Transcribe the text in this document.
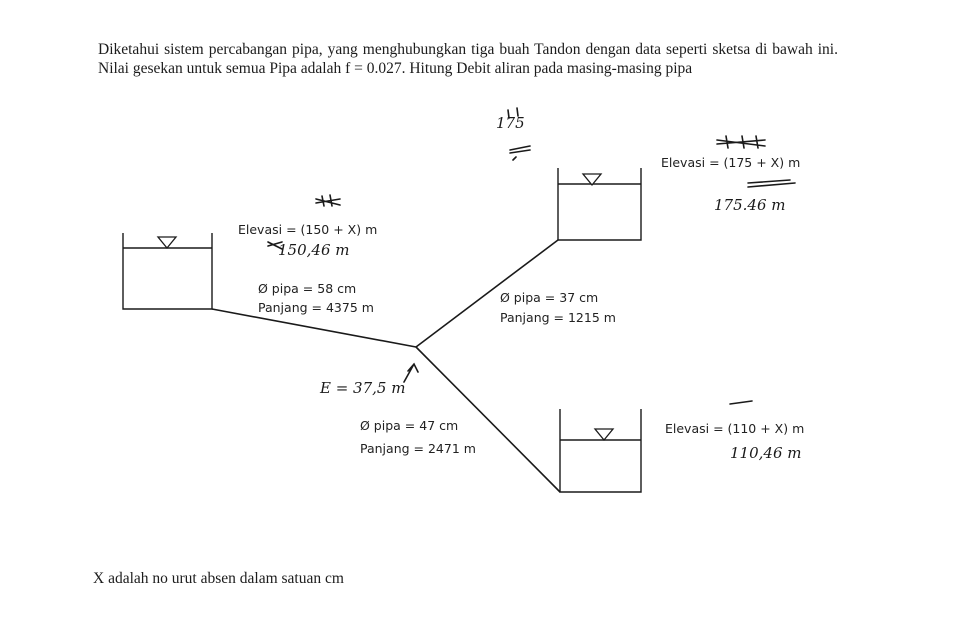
Diketahui sistem percabangan pipa, yang menghubungkan tiga buah Tandon dengan data seperti sketsa di bawah ini. Nilai gesekan untuk semua Pipa adalah f = 0.027. Hitung Debit aliran pada masing-masing pipa
Elevasi = (150 + X) m
Elevasi = (175 + X) m
Elevasi = (110 + X) m
Ø pipa = 58 cm
Panjang = 4375 m
Ø pipa = 37 cm
Panjang = 1215 m
Ø pipa = 47 cm
Panjang = 2471 m
150,46 m
175.46 m
110,46 m
E = 37,5 m
175
X adalah no urut absen dalam satuan cm
